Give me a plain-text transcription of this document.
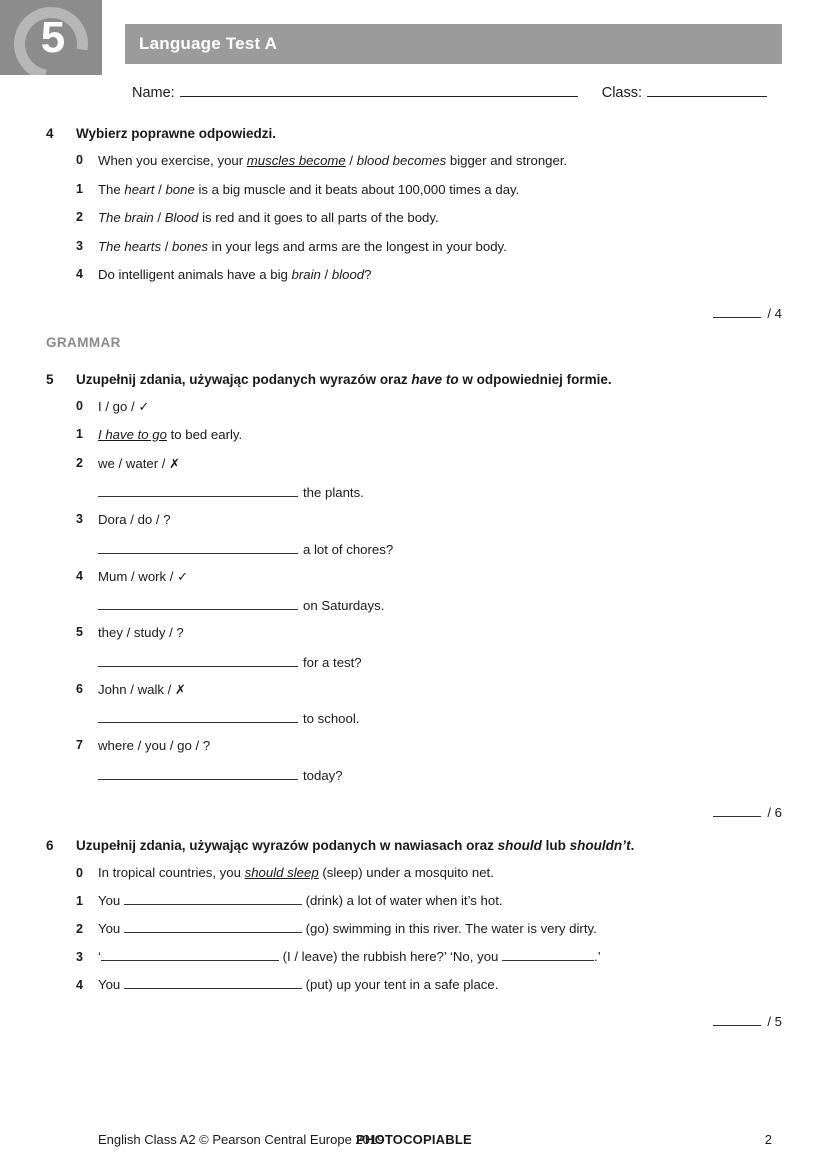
5	Language Test A
Name:	Class:
4	Wybierz poprawne odpowiedzi.
0	When you exercise, your muscles become / blood becomes bigger and stronger.
1	The heart / bone is a big muscle and it beats about 100,000 times a day.
2	The brain / Blood is red and it goes to all parts of the body.
3	The hearts / bones in your legs and arms are the longest in your body.
4	Do intelligent animals have a big brain / blood?
/ 4
GRAMMAR
5	Uzupełnij zdania, używając podanych wyrazów oraz have to w odpowiedniej formie.
0	I / go / ✓
1	I have to go to bed early.
2	we / water / ✗
the plants.
3	Dora / do / ?
a lot of chores?
4	Mum / work / ✓
on Saturdays.
5	they / study / ?
for a test?
6	John / walk / ✗
to school.
7	where / you / go / ?
today?
/ 6
6	Uzupełnij zdania, używając wyrazów podanych w nawiasach oraz should lub shouldn’t.
0	In tropical countries, you should sleep (sleep) under a mosquito net.
1	You	(drink) a lot of water when it’s hot.
2	You	(go) swimming in this river. The water is very dirty.
3	‘	(I / leave) the rubbish here?’ ‘No, you	.’
4	You	(put) up your tent in a safe place.
/ 5
English Class A2 © Pearson Central Europe 2019
PHOTOCOPIABLE	2
